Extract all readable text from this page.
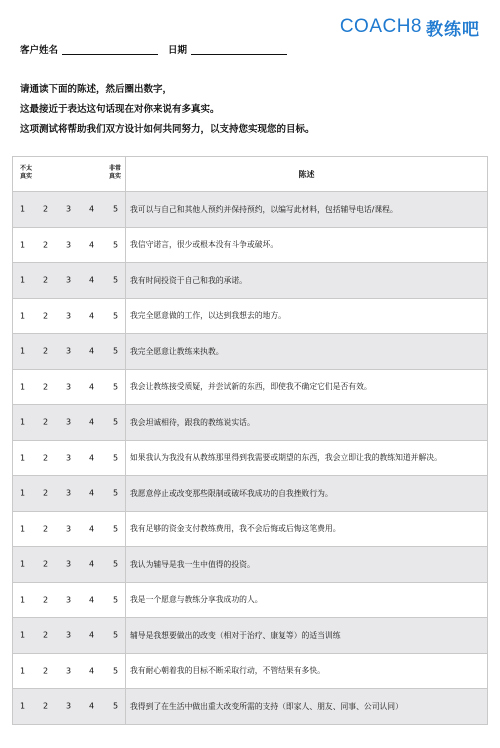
COACH8 教练吧
客户姓名	日期
请通读下面的陈述，然后圈出数字，
这最接近于表达这句话现在对你来说有多真实。
这项测试将帮助我们双方设计如何共同努力，以支持您实现您的目标。
不太
真实
非常
真实	陈述

1 2 3 4 5	我可以与自己和其他人预约并保持预约，以编写此材料，包括辅导电话/课程。

1 2 3 4 5	我信守诺言，很少或根本没有斗争或破坏。

1 2 3 4 5	我有时间投资于自己和我的承诺。

1 2 3 4 5	我完全愿意做的工作，以达到我想去的地方。

1 2 3 4 5	我完全愿意让教练来执教。

1 2 3 4 5	我会让教练接受质疑，并尝试新的东西，即使我不确定它们是否有效。

1 2 3 4 5	我会坦诚相待，跟我的教练说实话。

1 2 3 4 5	如果我认为我没有从教练那里得到我需要或期望的东西，我会立即让我的教练知道并解决。

1 2 3 4 5	我愿意停止或改变那些限制或破坏我成功的自我挫败行为。

1 2 3 4 5	我有足够的资金支付教练费用，我不会后悔或后悔这笔费用。

1 2 3 4 5	我认为辅导是我一生中值得的投资。

1 2 3 4 5	我是一个愿意与教练分享我成功的人。

1 2 3 4 5	辅导是我想要做出的改变（相对于治疗、康复等）的适当训练

1 2 3 4 5	我有耐心朝着我的目标不断采取行动，不管结果有多快。

1 2 3 4 5	我得到了在生活中做出重大改变所需的支持（即家人、朋友、同事、公司认同）
